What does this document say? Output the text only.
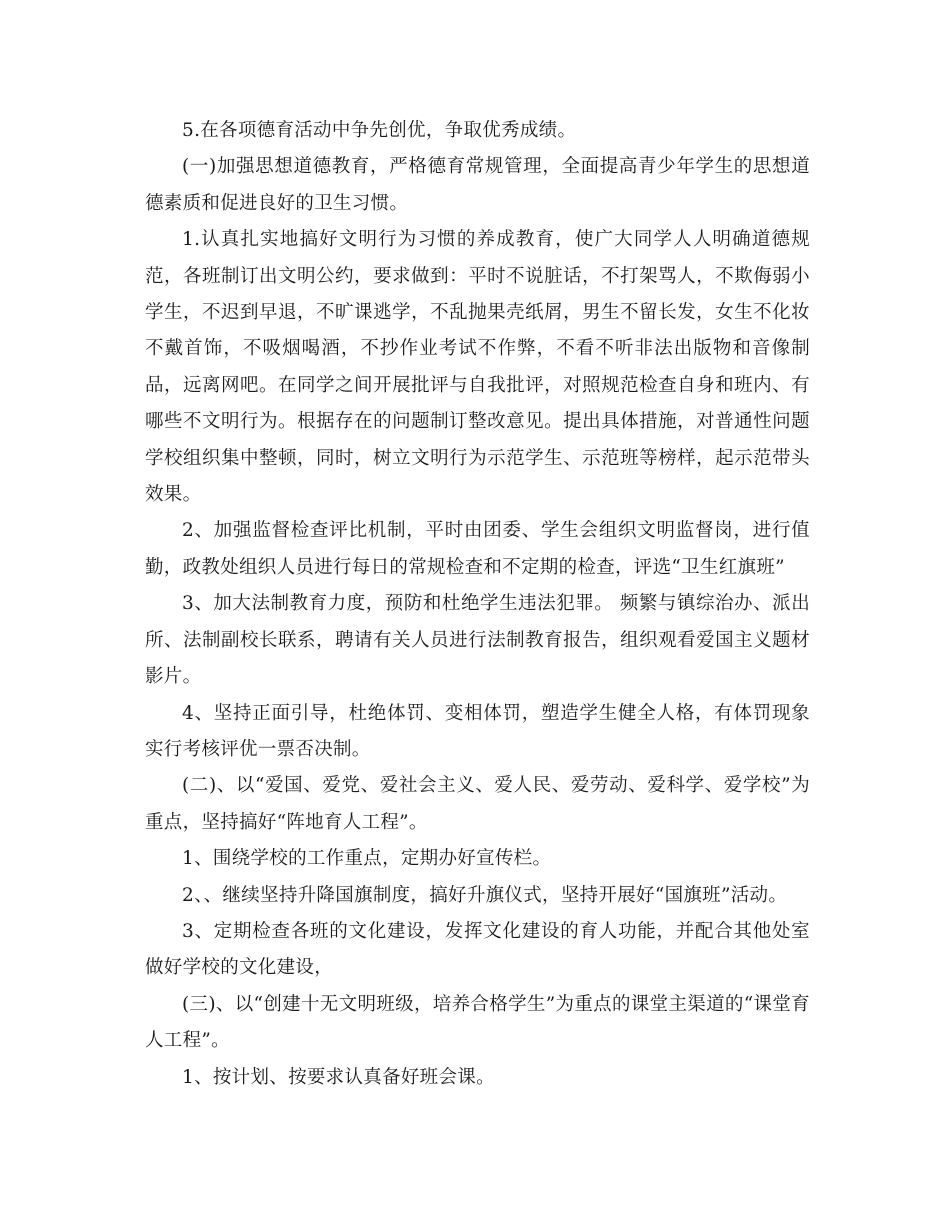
5.在各项德育活动中争先创优，争取优秀成绩。

(一)加强思想道德教育，严格德育常规管理，全面提高青少年学生的思想道德素质和促进良好的卫生习惯。

1.认真扎实地搞好文明行为习惯的养成教育，使广大同学人人明确道德规范，各班制订出文明公约，要求做到：平时不说脏话，不打架骂人，不欺侮弱小学生，不迟到早退，不旷课逃学，不乱抛果壳纸屑，男生不留长发，女生不化妆不戴首饰，不吸烟喝酒，不抄作业考试不作弊，不看不听非法出版物和音像制品，远离网吧。在同学之间开展批评与自我批评，对照规范检查自身和班内、有哪些不文明行为。根据存在的问题制订整改意见。提出具体措施，对普通性问题学校组织集中整顿，同时，树立文明行为示范学生、示范班等榜样，起示范带头效果。

2、加强监督检查评比机制，平时由团委、学生会组织文明监督岗，进行值勤，政教处组织人员进行每日的常规检查和不定期的检查，评选“卫生红旗班”

3、加大法制教育力度，预防和杜绝学生违法犯罪。 频繁与镇综治办、派出所、法制副校长联系，聘请有关人员进行法制教育报告，组织观看爱国主义题材影片。

4、坚持正面引导，杜绝体罚、变相体罚，塑造学生健全人格，有体罚现象实行考核评优一票否决制。

(二)、以“爱国、爱党、爱社会主义、爱人民、爱劳动、爱科学、爱学校”为重点，坚持搞好“阵地育人工程”。

1、围绕学校的工作重点，定期办好宣传栏。

2、、继续坚持升降国旗制度，搞好升旗仪式，坚持开展好“国旗班”活动。

3、定期检查各班的文化建设，发挥文化建设的育人功能，并配合其他处室做好学校的文化建设，

(三)、以“创建十无文明班级，培养合格学生”为重点的课堂主渠道的“课堂育人工程”。

1、按计划、按要求认真备好班会课。
